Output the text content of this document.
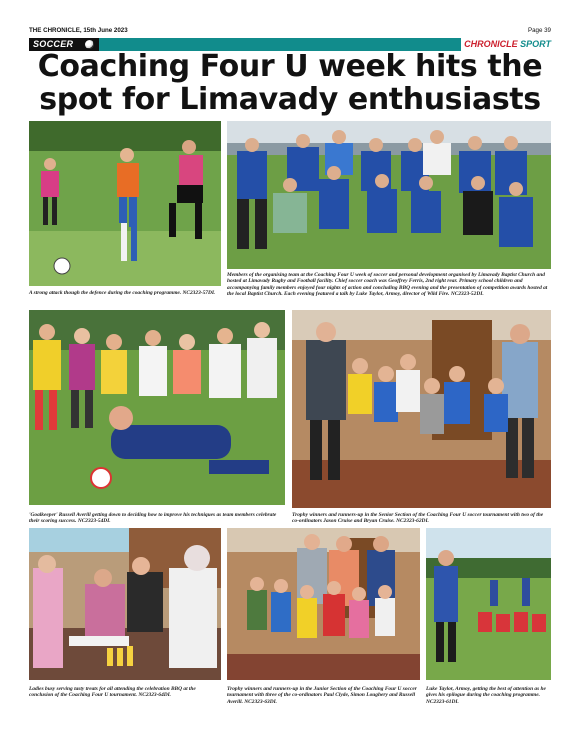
THE CHRONICLE, 15th June 2023	Page 39
SOCCER	CHRONICLE SPORT
Coaching Four U week hits the
spot for Limavady enthusiasts
A strong attack though the defence during the coaching programme. NC2323-57DL
Members of the organising team at the Coaching Four U week of soccer and personal development organised by Limavady Baptist Church and hosted at Limavady Rugby and Football facility. Chief soccer coach was Geoffrey Ferris, 2nd right rear. Primary school children and accompanying family members enjoyed four nights of action and concluding BBQ evening and the presentation of competition awards hosted at the local Baptist Church. Each evening featured a talk by Luke Taylor, Armoy, director of Wild Fire. NC2323-52DL
'Goalkeeper' Russell Averill getting down to deciding how to improve his techniques as team members celebrate their scoring success. NC2323-54DL
Trophy winners and runners-up in the Senior Section of the Coaching Four U soccer tournament with two of the co-ordinators Jason Cruise and Bryan Cruise. NC2323-62DL
Ladies busy serving tasty treats for all attending the celebration BBQ at the conclusion of the Coaching Four U tournament. NC2323-64DL
Trophy winners and runners-up in the Junior Section of the Coaching Four U soccer tournament with three of the co-ordinators Paul Clyde, Simon Loughery and Russell Averill. NC2323-63DL
Luke Taylor, Armoy, getting the best of attention as he gives his epilogue during the coaching programme. NC2323-61DL
